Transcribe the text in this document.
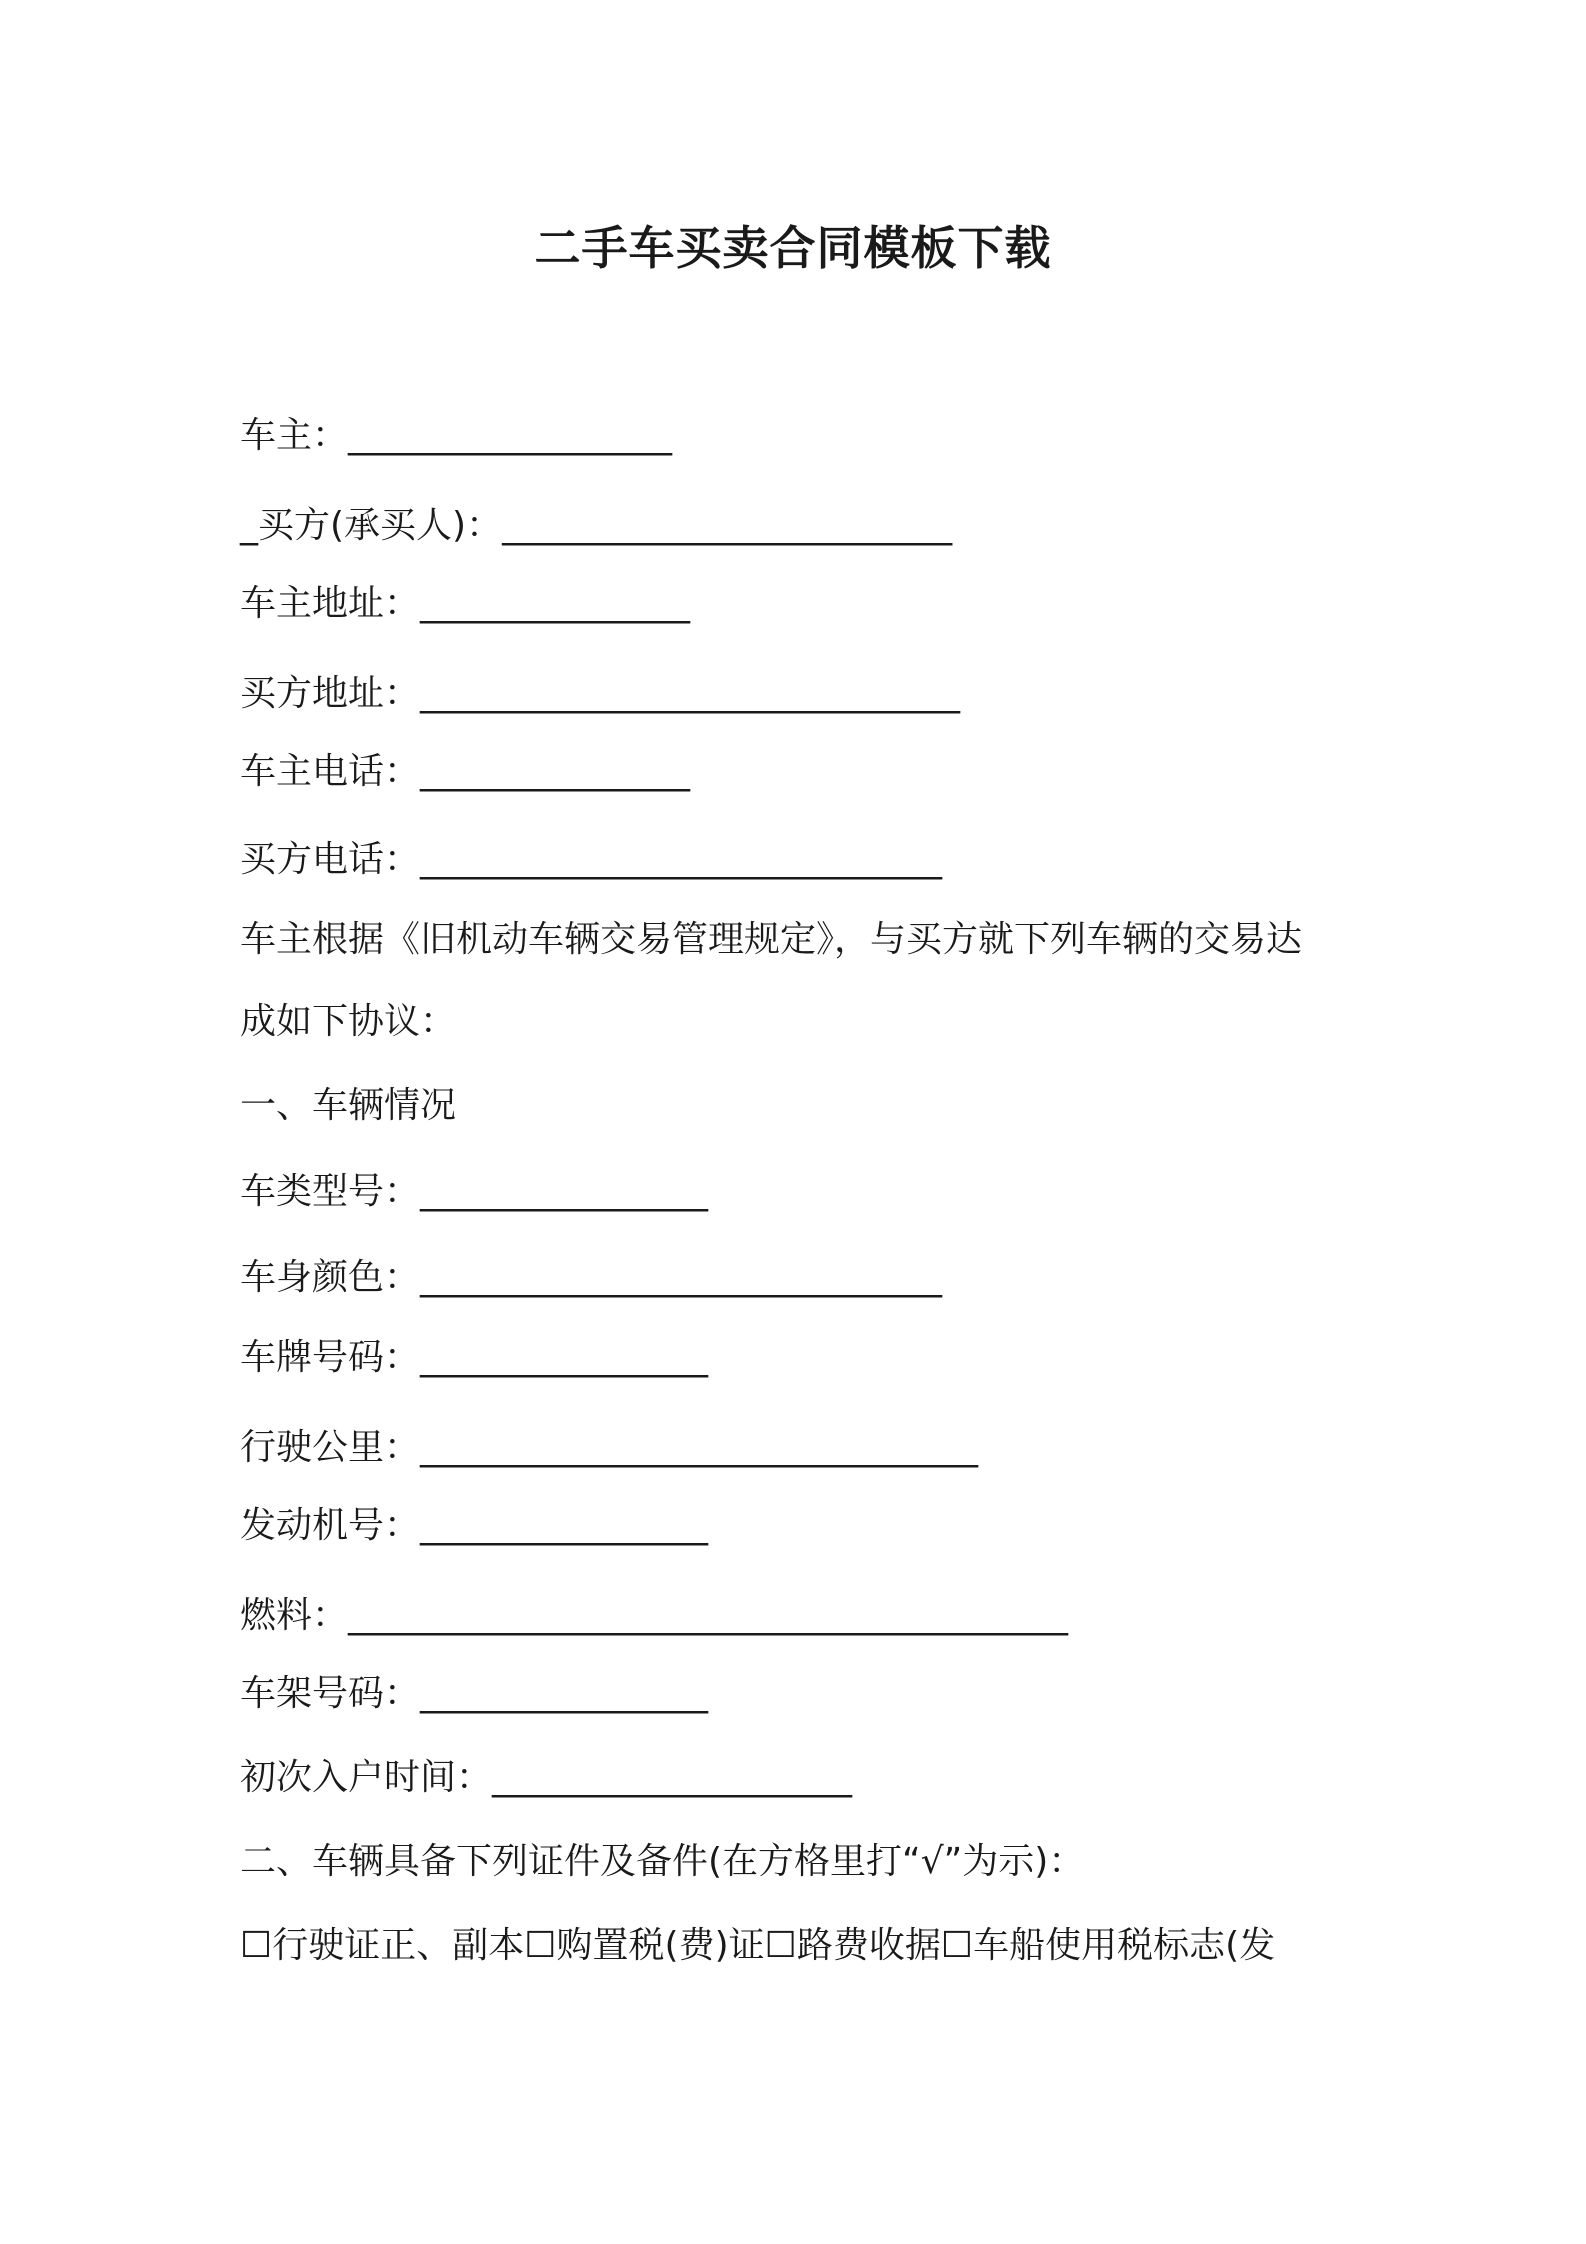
二手车买卖合同模板下载
车主：__________________
_买方(承买人)：_________________________
车主地址：_______________
买方地址：______________________________
车主电话：_______________
买方电话：_____________________________
车主根据《旧机动车辆交易管理规定》，与买方就下列车辆的交易达
成如下协议：
一、车辆情况
车类型号：________________
车身颜色：_____________________________
车牌号码：________________
行驶公里：_______________________________
发动机号：________________
燃料：________________________________________
车架号码：________________
初次入户时间：____________________
二、车辆具备下列证件及备件(在方格里打“√”为示)：
☐行驶证正、副本☐购置税(费)证☐路费收据☐车船使用税标志(发
